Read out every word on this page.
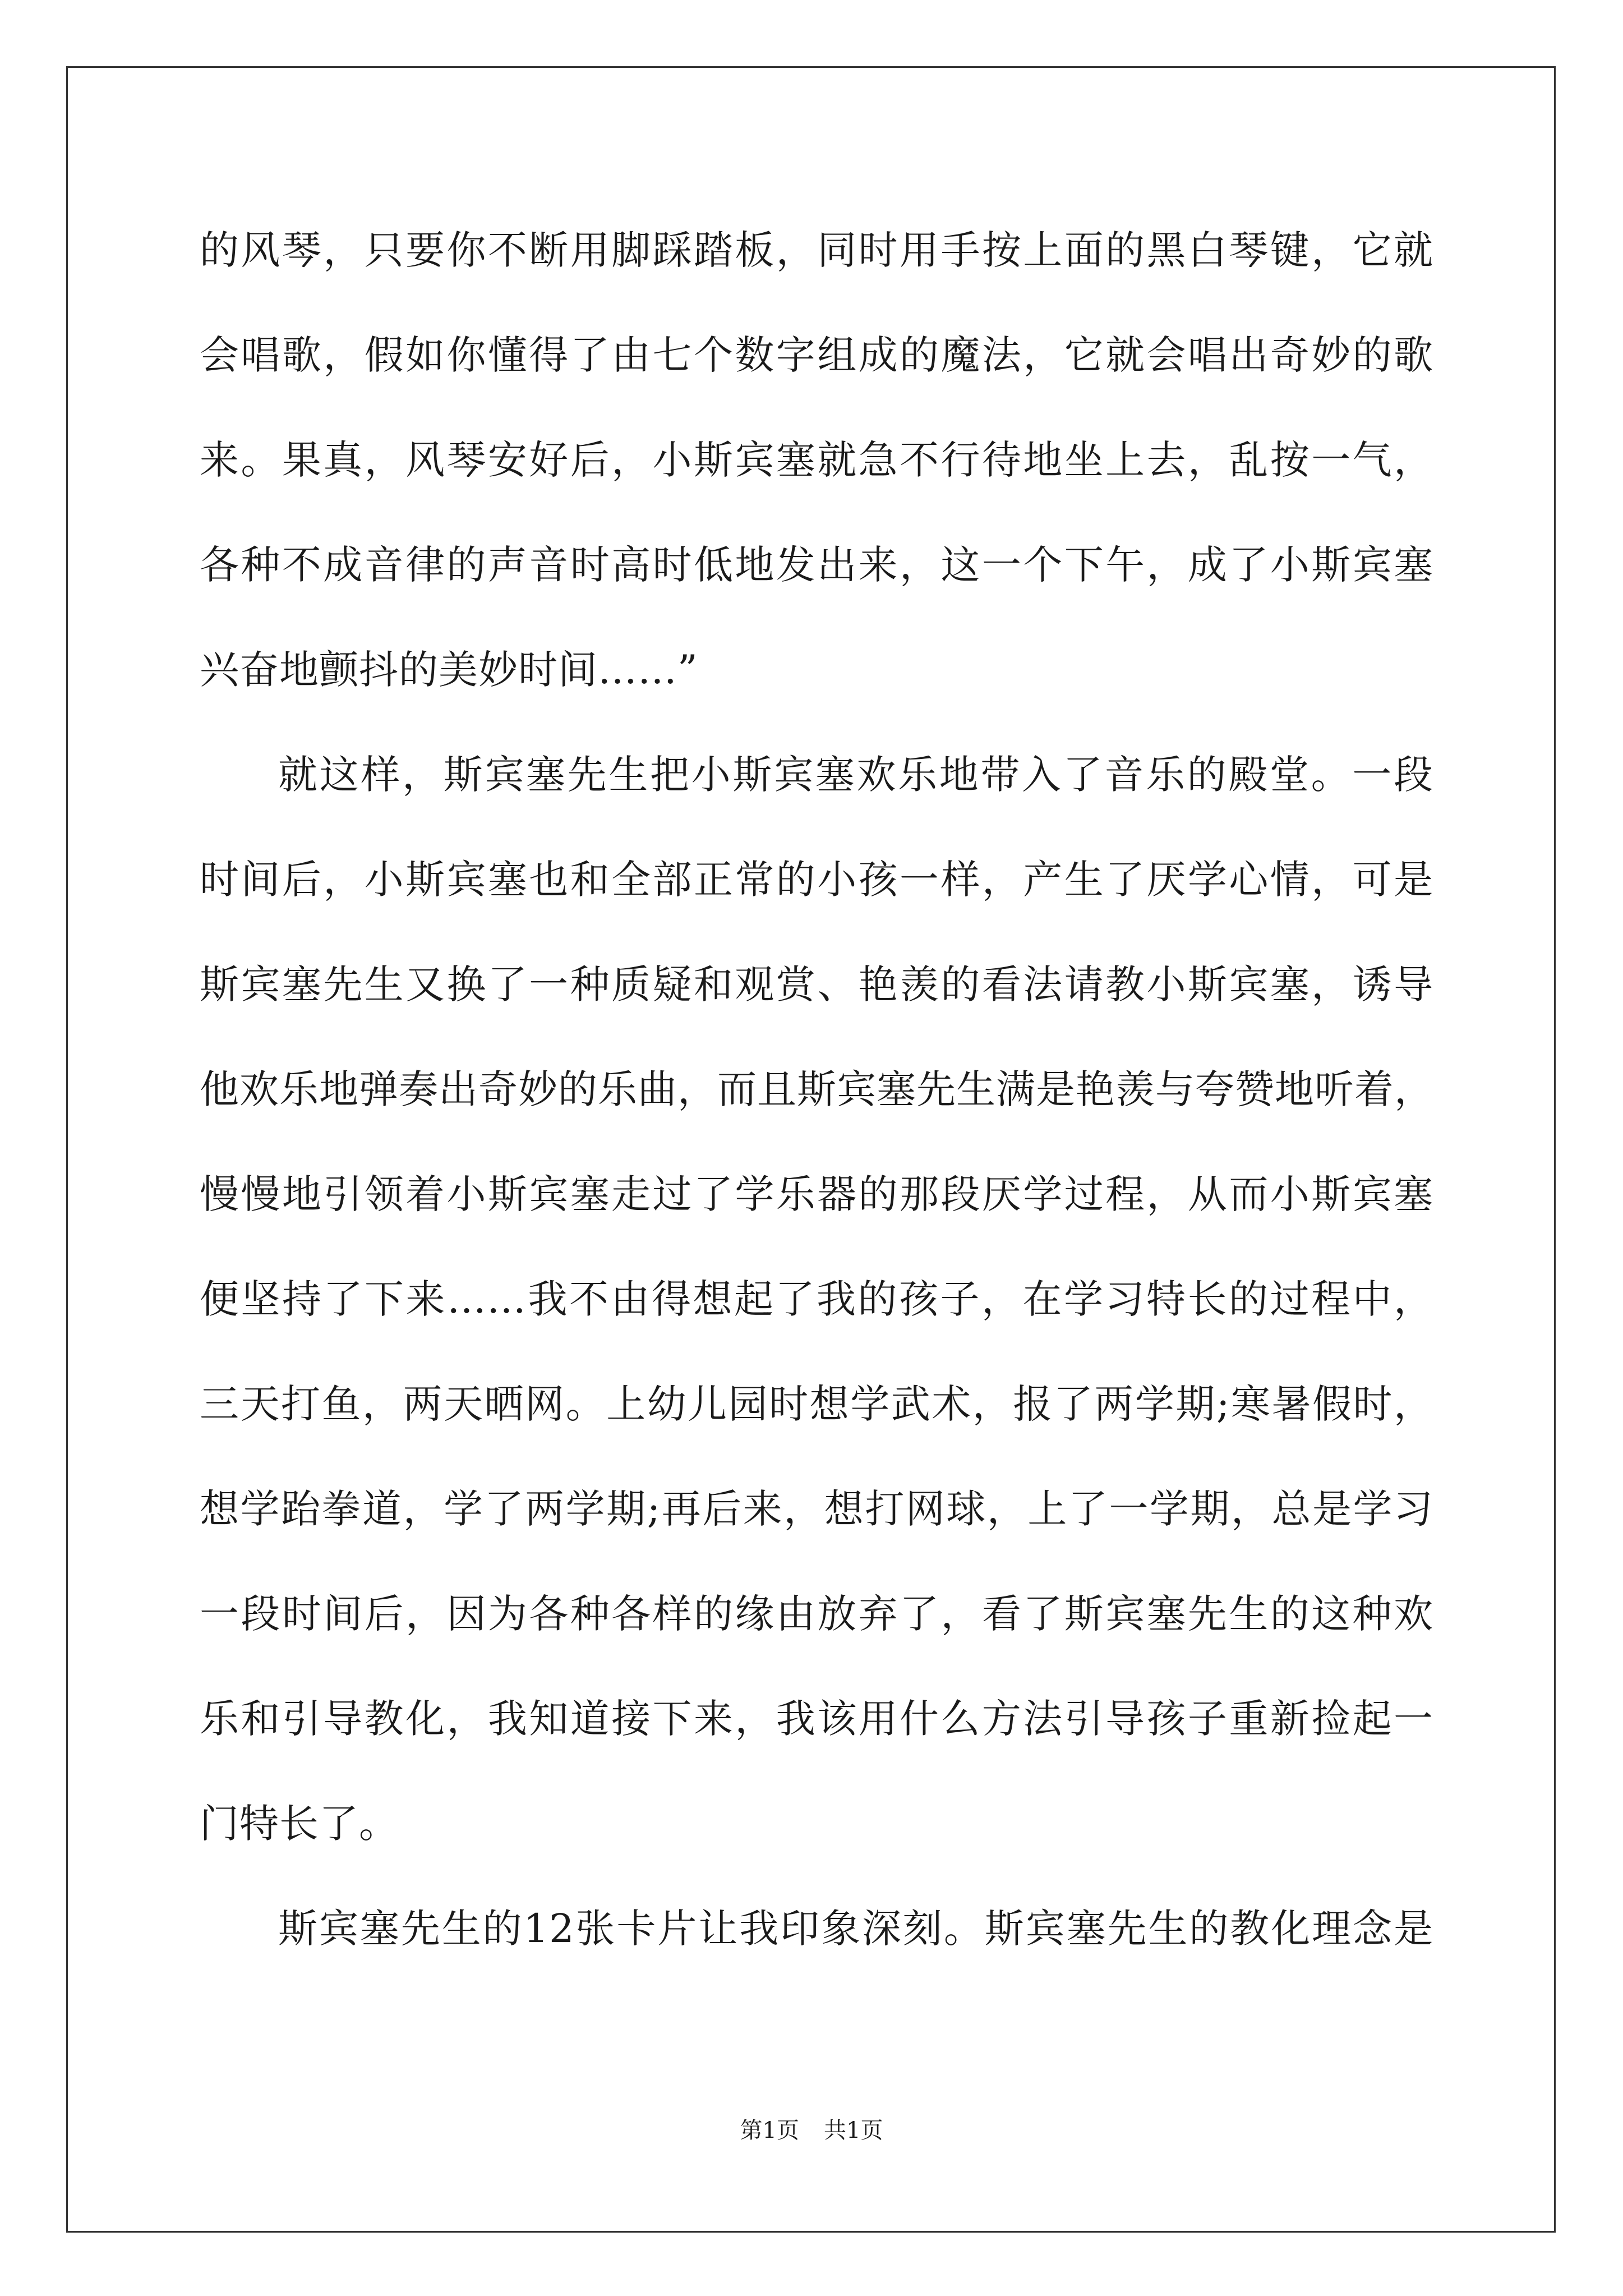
的风琴，只要你不断用脚踩踏板，同时用手按上面的黑白琴键，它就
会唱歌，假如你懂得了由七个数字组成的魔法，它就会唱出奇妙的歌
来。果真，风琴安好后，小斯宾塞就急不行待地坐上去，乱按一气，
各种不成音律的声音时高时低地发出来，这一个下午，成了小斯宾塞
兴奋地颤抖的美妙时间……”
就这样，斯宾塞先生把小斯宾塞欢乐地带入了音乐的殿堂。一段
时间后，小斯宾塞也和全部正常的小孩一样，产生了厌学心情，可是
斯宾塞先生又换了一种质疑和观赏、艳羡的看法请教小斯宾塞，诱导
他欢乐地弹奏出奇妙的乐曲，而且斯宾塞先生满是艳羡与夸赞地听着，
慢慢地引领着小斯宾塞走过了学乐器的那段厌学过程，从而小斯宾塞
便坚持了下来……我不由得想起了我的孩子，在学习特长的过程中，
三天打鱼，两天晒网。上幼儿园时想学武术，报了两学期;寒暑假时，
想学跆拳道，学了两学期;再后来，想打网球，上了一学期，总是学习
一段时间后，因为各种各样的缘由放弃了，看了斯宾塞先生的这种欢
乐和引导教化，我知道接下来，我该用什么方法引导孩子重新捡起一
门特长了。
斯宾塞先生的12张卡片让我印象深刻。斯宾塞先生的教化理念是
第1页 共1页
